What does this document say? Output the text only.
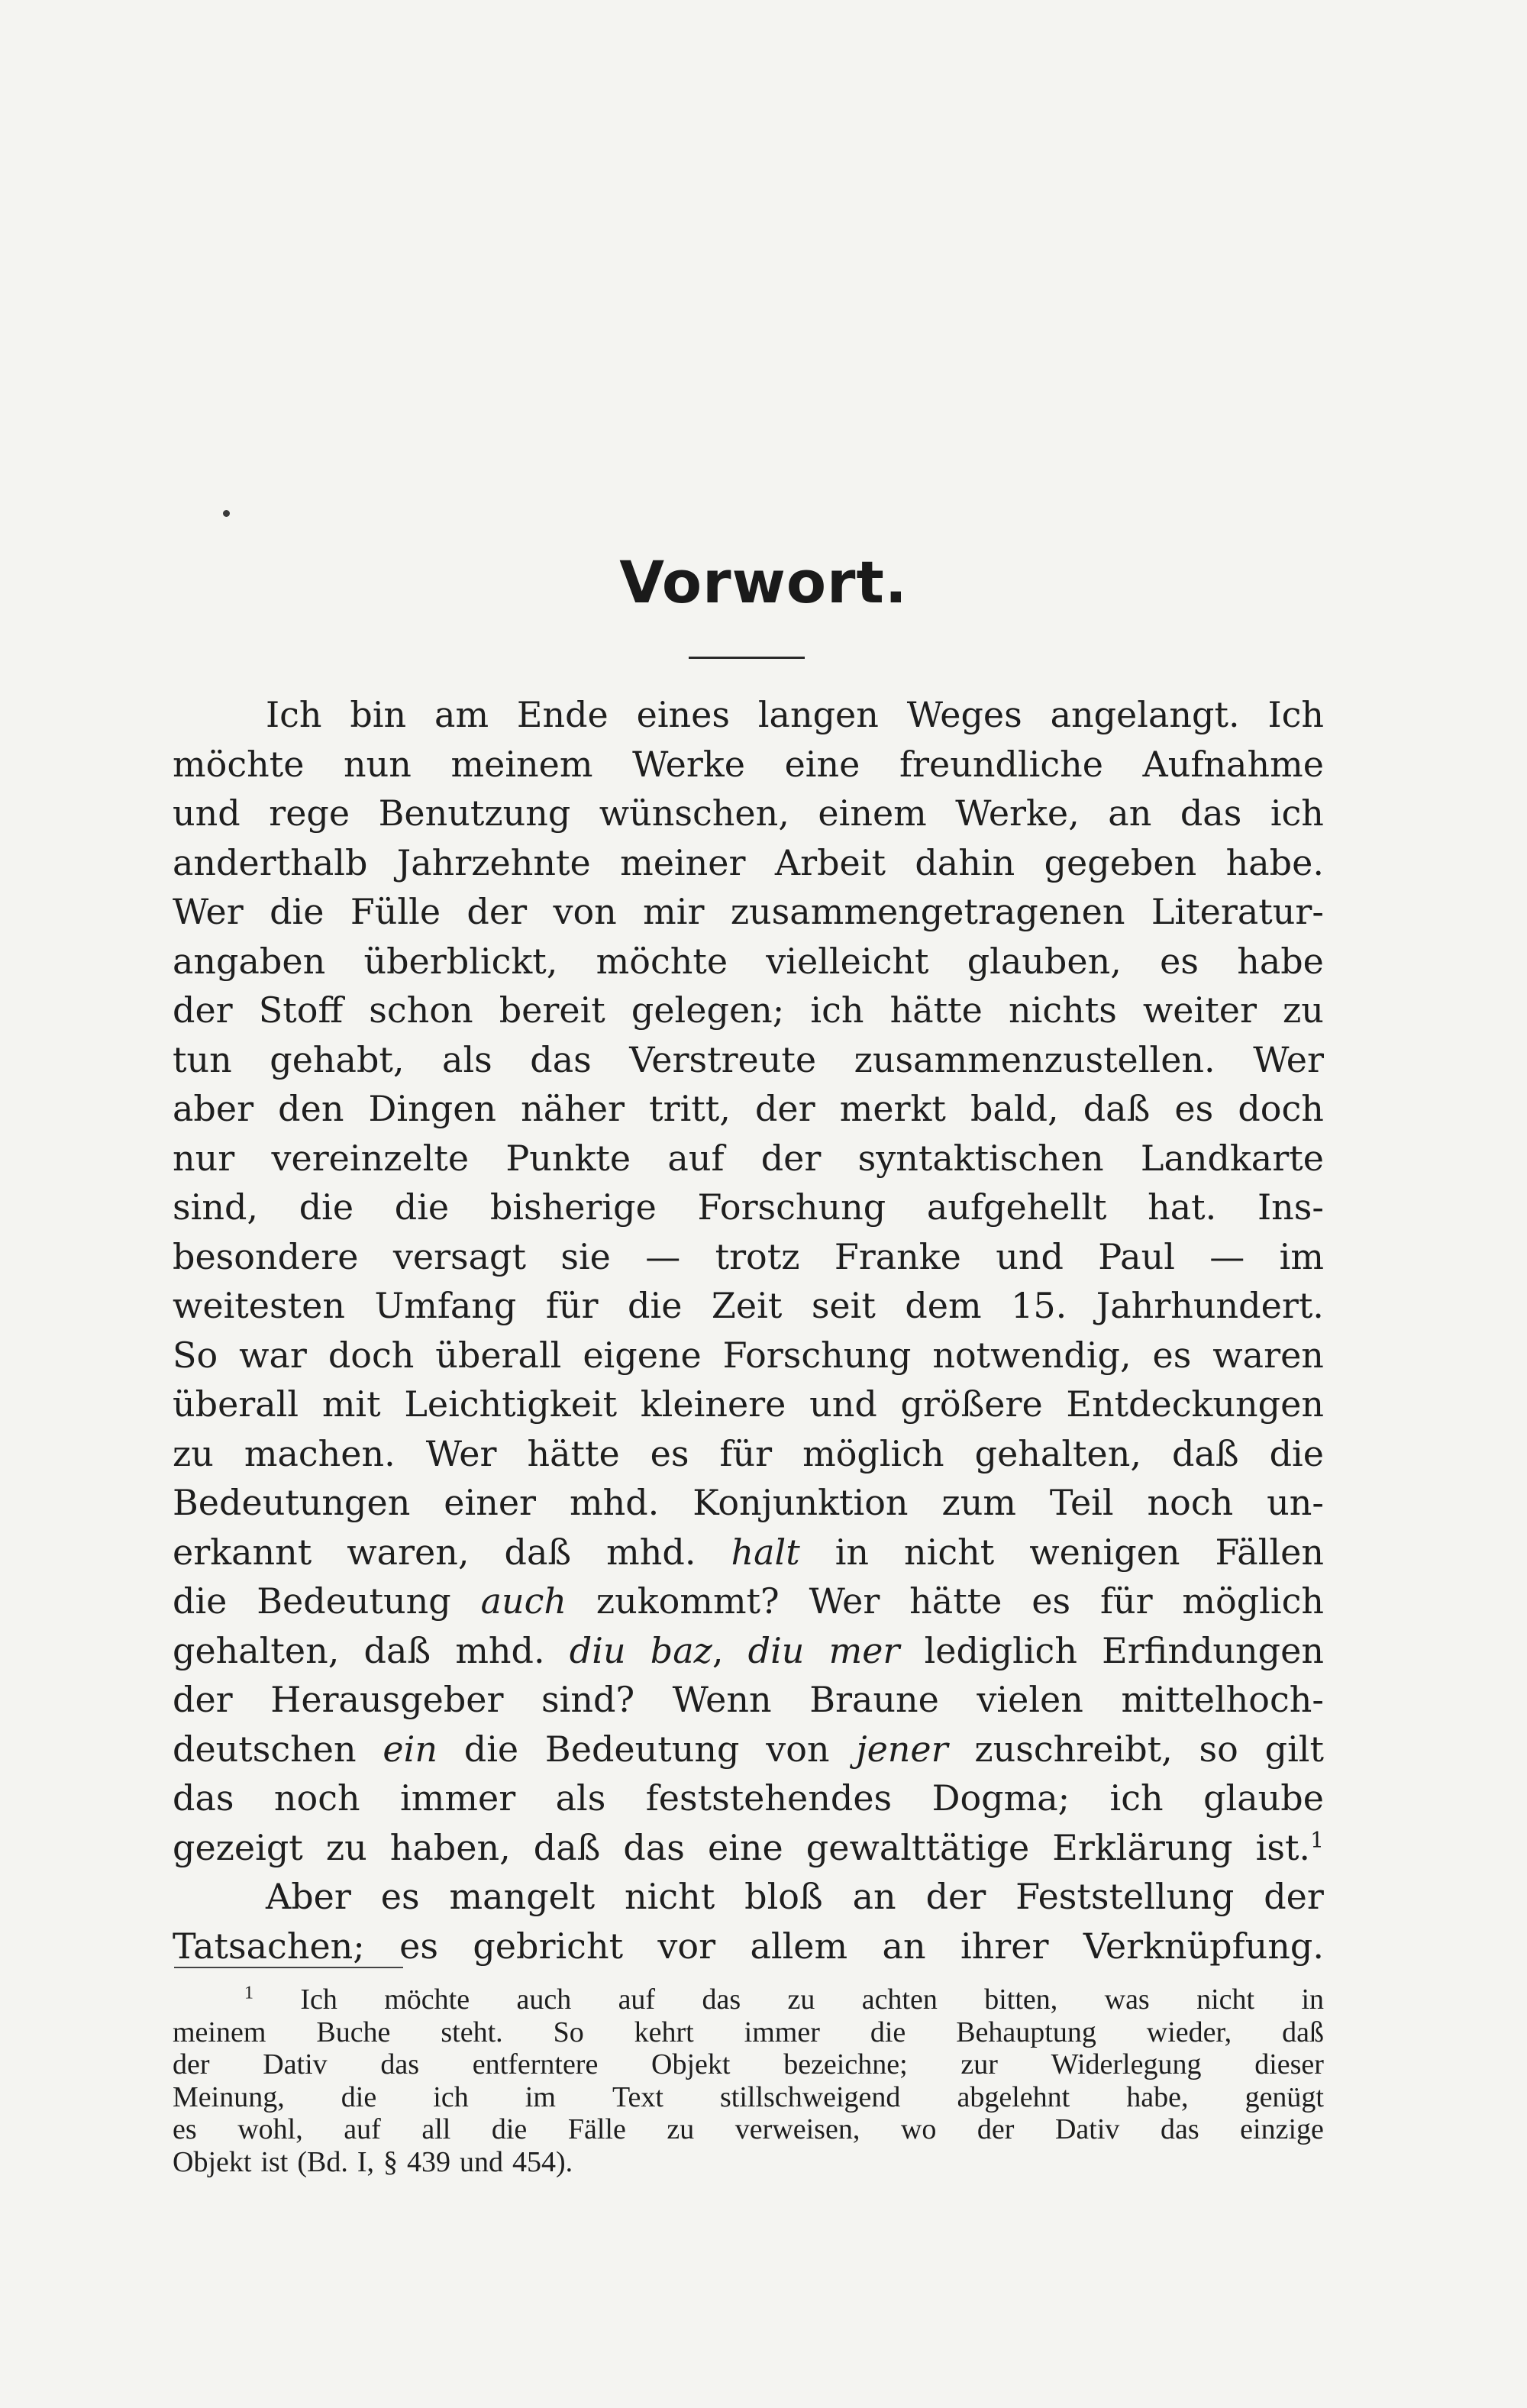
Vorwort.
Ich bin am Ende eines langen Weges angelangt. Ich
möchte nun meinem Werke eine freundliche Aufnahme
und rege Benutzung wünschen, einem Werke, an das ich
anderthalb Jahrzehnte meiner Arbeit dahin gegeben habe.
Wer die Fülle der von mir zusammengetragenen Literatur-
angaben überblickt, möchte vielleicht glauben, es habe
der Stoff schon bereit gelegen; ich hätte nichts weiter zu
tun gehabt, als das Verstreute zusammenzustellen. Wer
aber den Dingen näher tritt, der merkt bald, daß es doch
nur vereinzelte Punkte auf der syntaktischen Landkarte
sind, die die bisherige Forschung aufgehellt hat. Ins-
besondere versagt sie — trotz Franke und Paul — im
weitesten Umfang für die Zeit seit dem 15. Jahrhundert.
So war doch überall eigene Forschung notwendig, es waren
überall mit Leichtigkeit kleinere und größere Entdeckungen
zu machen. Wer hätte es für möglich gehalten, daß die
Bedeutungen einer mhd. Konjunktion zum Teil noch un-
erkannt waren, daß mhd. halt in nicht wenigen Fällen
die Bedeutung auch zukommt? Wer hätte es für möglich
gehalten, daß mhd. diu baz, diu mer lediglich Erfindungen
der Herausgeber sind? Wenn Braune vielen mittelhoch-
deutschen ein die Bedeutung von jener zuschreibt, so gilt
das noch immer als feststehendes Dogma; ich glaube
gezeigt zu haben, daß das eine gewalttätige Erklärung ist.$^1$
Aber es mangelt nicht bloß an der Feststellung der
Tatsachen; es gebricht vor allem an ihrer Verknüpfung.
$^1$ Ich möchte auch auf das zu achten bitten, was nicht in
meinem Buche steht. So kehrt immer die Behauptung wieder, daß
der Dativ das entferntere Objekt bezeichne; zur Widerlegung dieser
Meinung, die ich im Text stillschweigend abgelehnt habe, genügt
es wohl, auf all die Fälle zu verweisen, wo der Dativ das einzige
Objekt ist (Bd. I, § 439 und 454).
